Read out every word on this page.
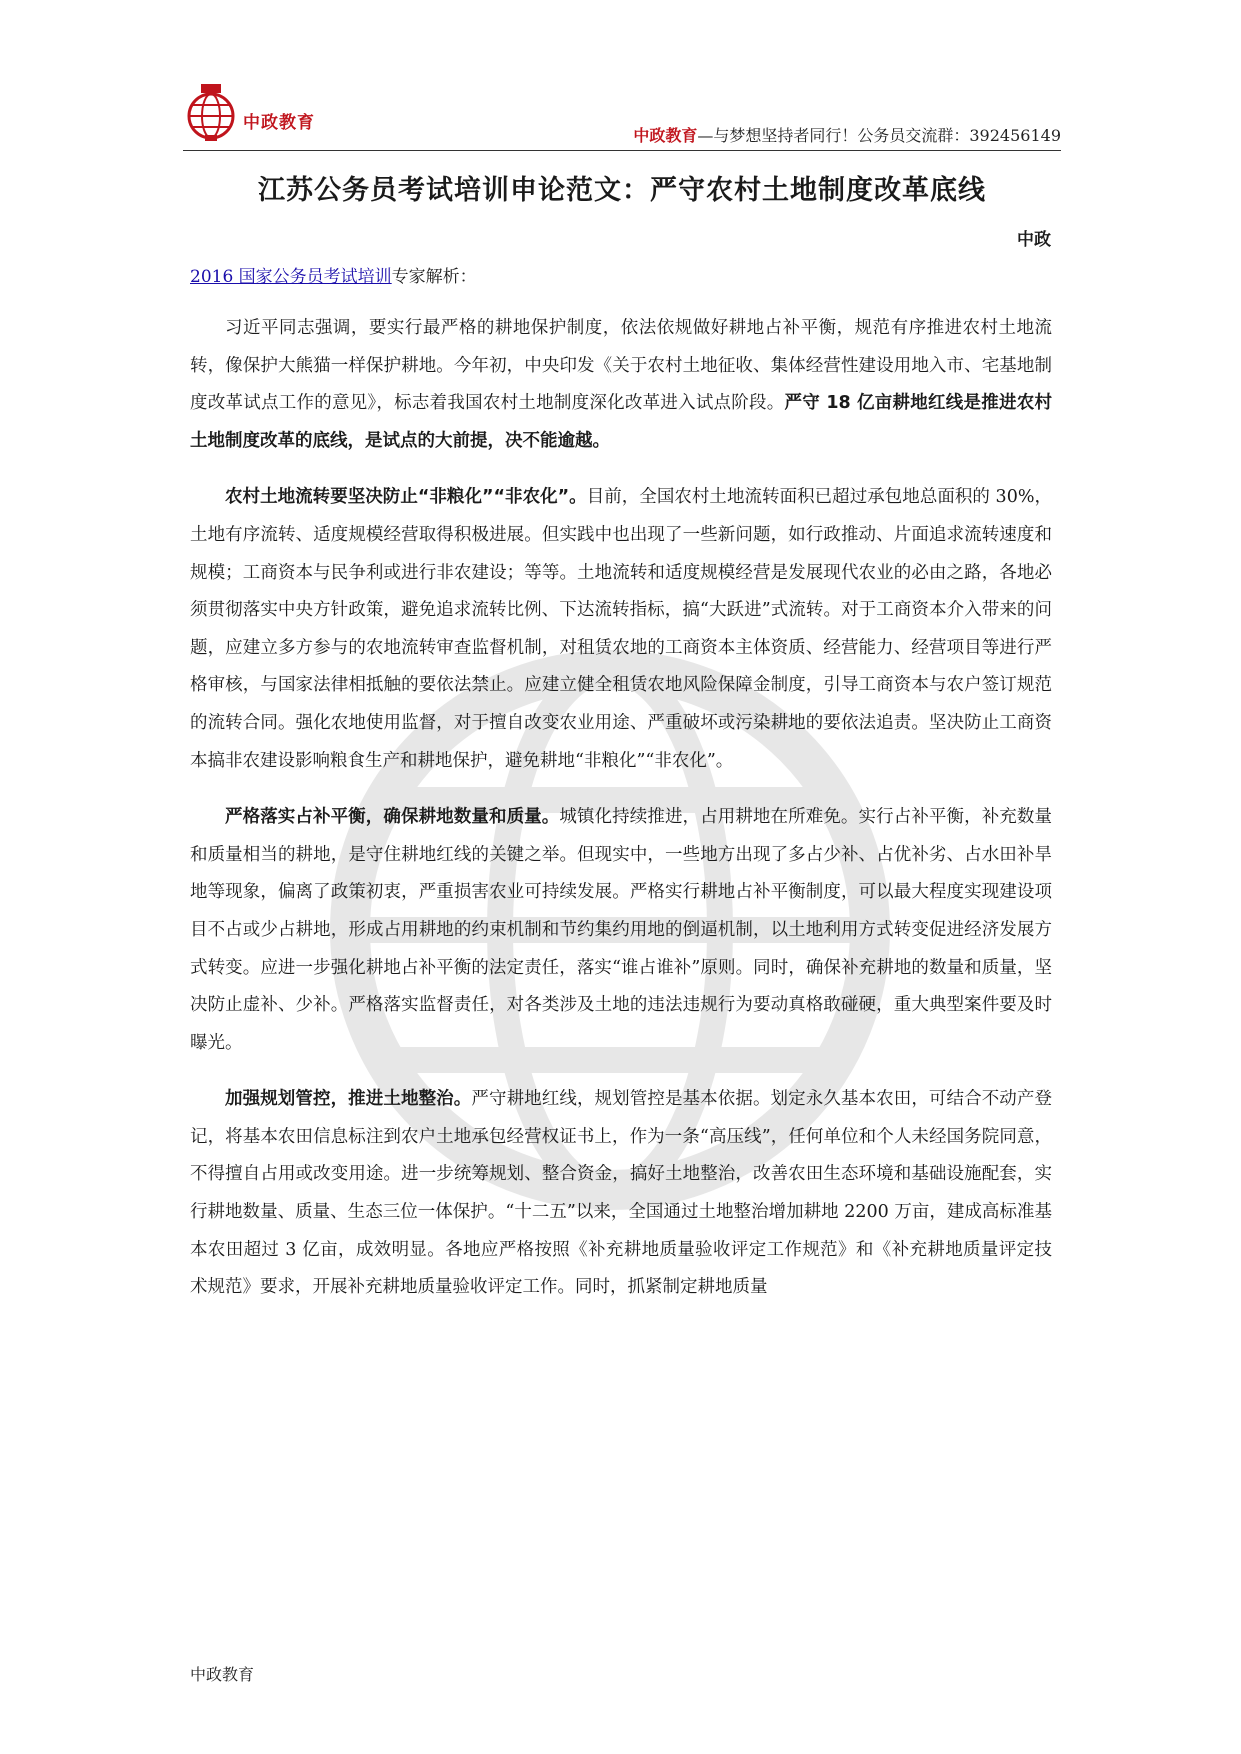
中政教育
中政教育—与梦想坚持者同行！公务员交流群：392456149
江苏公务员考试培训申论范文：严守农村土地制度改革底线
中政
2016 国家公务员考试培训专家解析：

习近平同志强调，要实行最严格的耕地保护制度，依法依规做好耕地占补平衡，规范有序推进农村土地流转，像保护大熊猫一样保护耕地。今年初，中央印发《关于农村土地征收、集体经营性建设用地入市、宅基地制度改革试点工作的意见》，标志着我国农村土地制度深化改革进入试点阶段。严守 18 亿亩耕地红线是推进农村土地制度改革的底线，是试点的大前提，决不能逾越。

农村土地流转要坚决防止“非粮化”“非农化”。目前，全国农村土地流转面积已超过承包地总面积的 30%，土地有序流转、适度规模经营取得积极进展。但实践中也出现了一些新问题，如行政推动、片面追求流转速度和规模；工商资本与民争利或进行非农建设；等等。土地流转和适度规模经营是发展现代农业的必由之路，各地必须贯彻落实中央方针政策，避免追求流转比例、下达流转指标，搞“大跃进”式流转。对于工商资本介入带来的问题，应建立多方参与的农地流转审查监督机制，对租赁农地的工商资本主体资质、经营能力、经营项目等进行严格审核，与国家法律相抵触的要依法禁止。应建立健全租赁农地风险保障金制度，引导工商资本与农户签订规范的流转合同。强化农地使用监督，对于擅自改变农业用途、严重破坏或污染耕地的要依法追责。坚决防止工商资本搞非农建设影响粮食生产和耕地保护，避免耕地“非粮化”“非农化”。

严格落实占补平衡，确保耕地数量和质量。城镇化持续推进，占用耕地在所难免。实行占补平衡，补充数量和质量相当的耕地，是守住耕地红线的关键之举。但现实中，一些地方出现了多占少补、占优补劣、占水田补旱地等现象，偏离了政策初衷，严重损害农业可持续发展。严格实行耕地占补平衡制度，可以最大程度实现建设项目不占或少占耕地，形成占用耕地的约束机制和节约集约用地的倒逼机制，以土地利用方式转变促进经济发展方式转变。应进一步强化耕地占补平衡的法定责任，落实“谁占谁补”原则。同时，确保补充耕地的数量和质量，坚决防止虚补、少补。严格落实监督责任，对各类涉及土地的违法违规行为要动真格敢碰硬，重大典型案件要及时曝光。

加强规划管控，推进土地整治。严守耕地红线，规划管控是基本依据。划定永久基本农田，可结合不动产登记，将基本农田信息标注到农户土地承包经营权证书上，作为一条“高压线”，任何单位和个人未经国务院同意，不得擅自占用或改变用途。进一步统筹规划、整合资金，搞好土地整治，改善农田生态环境和基础设施配套，实行耕地数量、质量、生态三位一体保护。“十二五”以来，全国通过土地整治增加耕地 2200 万亩，建成高标准基本农田超过 3 亿亩，成效明显。各地应严格按照《补充耕地质量验收评定工作规范》和《补充耕地质量评定技术规范》要求，开展补充耕地质量验收评定工作。同时，抓紧制定耕地质量

中政教育
